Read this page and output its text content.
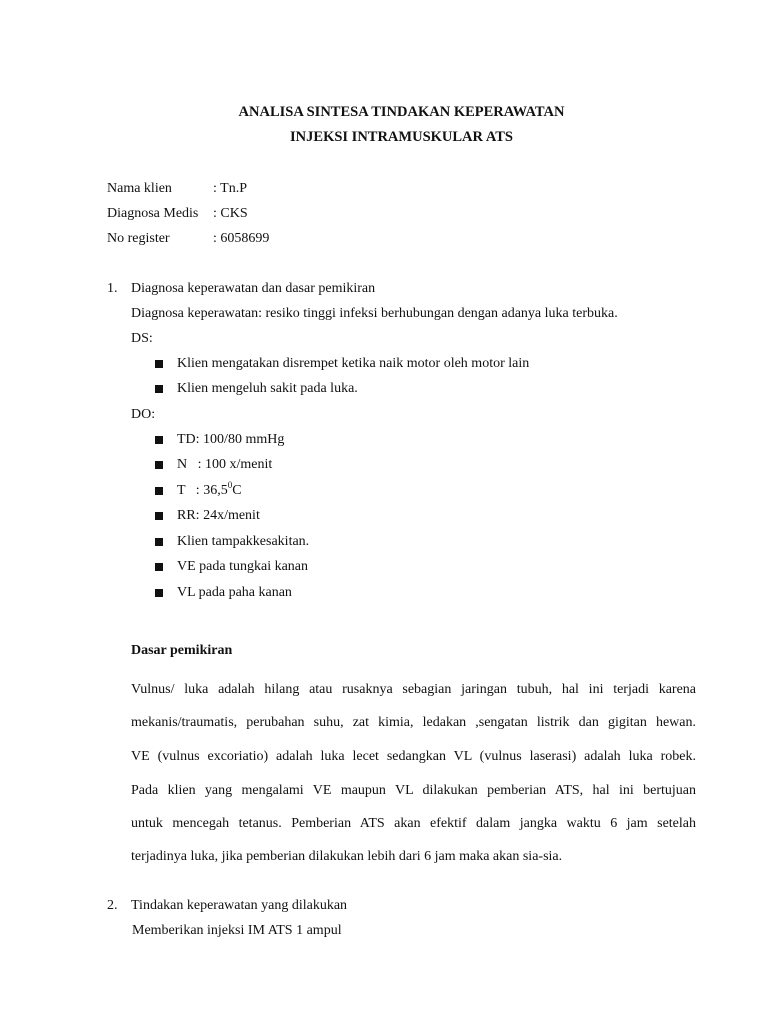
ANALISA SINTESA TINDAKAN KEPERAWATAN
INJEKSI INTRAMUSKULAR ATS
Nama klien	: Tn.P
Diagnosa Medis : CKS
No register	: 6058699
1. Diagnosa keperawatan dan dasar pemikiran
Diagnosa keperawatan: resiko tinggi infeksi berhubungan dengan adanya luka terbuka.
DS:
Klien mengatakan disrempet ketika naik motor oleh motor lain
Klien mengeluh sakit pada luka.
DO:
TD: 100/80 mmHg
N   : 100 x/menit
T   : 36,5$^0$C
RR: 24x/menit
Klien tampakkesakitan.
VE pada tungkai kanan
VL pada paha kanan
Dasar pemikiran
Vulnus/ luka adalah hilang atau rusaknya sebagian jaringan tubuh, hal ini terjadi karena
mekanis/traumatis, perubahan suhu, zat kimia, ledakan ,sengatan listrik dan gigitan hewan.
VE (vulnus excoriatio) adalah luka lecet sedangkan VL (vulnus laserasi) adalah luka robek.
Pada klien yang mengalami VE maupun VL dilakukan pemberian ATS, hal ini bertujuan
untuk mencegah tetanus. Pemberian ATS akan efektif dalam jangka waktu 6 jam setelah
terjadinya luka, jika pemberian dilakukan lebih dari 6 jam maka akan sia-sia.
2. Tindakan keperawatan yang dilakukan
Memberikan injeksi IM ATS 1 ampul
